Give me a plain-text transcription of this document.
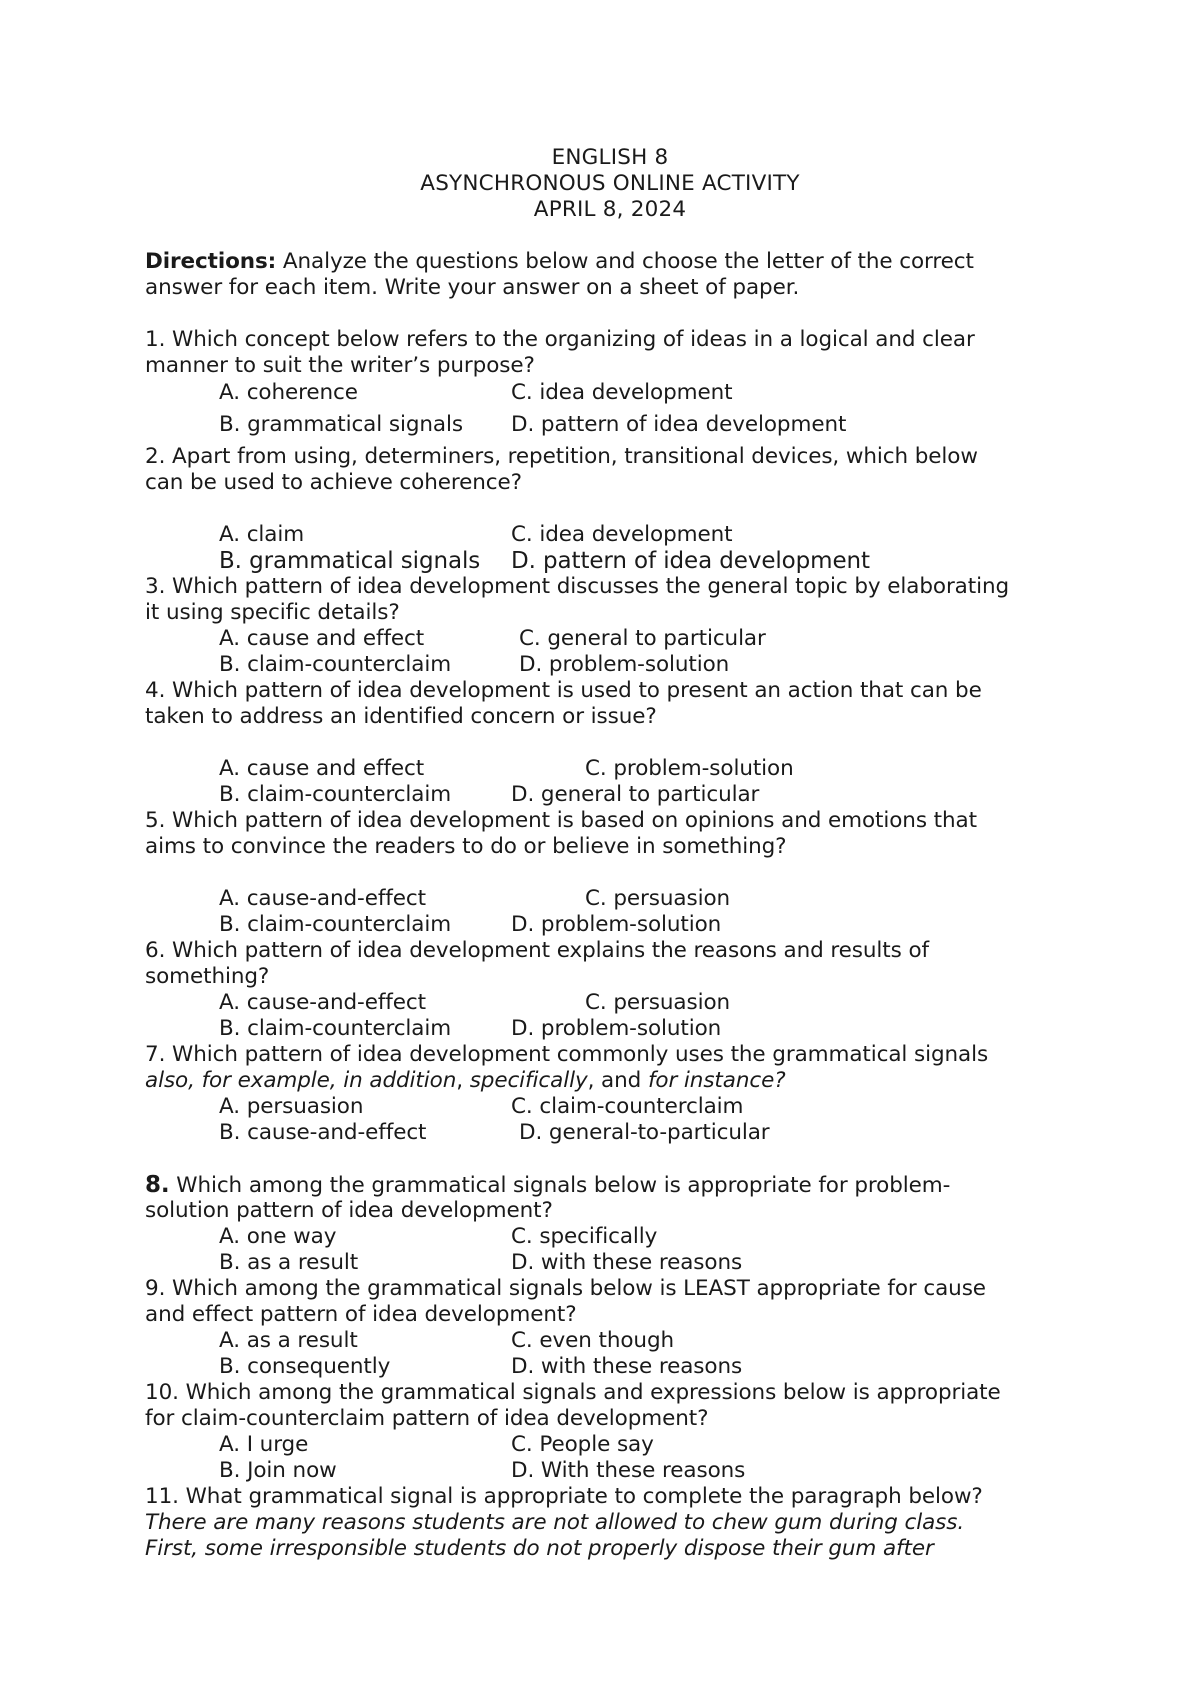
ENGLISH 8
ASYNCHRONOUS ONLINE ACTIVITY
APRIL 8, 2024
Directions: Analyze the questions below and choose the letter of the correct
answer for each item. Write your answer on a sheet of paper.
1. Which concept below refers to the organizing of ideas in a logical and clear
manner to suit the writer’s purpose?
A. coherence	C. idea development
B. grammatical signals D. pattern of idea development
2. Apart from using, determiners, repetition, transitional devices, which below
can be used to achieve coherence?
A. claim	C. idea development
B. grammatical signals D. pattern of idea development
3. Which pattern of idea development discusses the general topic by elaborating
it using specific details?
A. cause and effect	C. general to particular
B. claim-counterclaim	D. problem-solution
4. Which pattern of idea development is used to present an action that can be
taken to address an identified concern or issue?
A. cause and effect	C. problem-solution
B. claim-counterclaim	D. general to particular
5. Which pattern of idea development is based on opinions and emotions that
aims to convince the readers to do or believe in something?
A. cause-and-effect	C. persuasion
B. claim-counterclaim	D. problem-solution
6. Which pattern of idea development explains the reasons and results of
something?
A. cause-and-effect	C. persuasion
B. claim-counterclaim	D. problem-solution
7. Which pattern of idea development commonly uses the grammatical signals
also, for example, in addition, specifically, and for instance?
A. persuasion	C. claim-counterclaim
B. cause-and-effect	D. general-to-particular
8. Which among the grammatical signals below is appropriate for problem-
solution pattern of idea development?
A. one way	C. specifically
B. as a result	D. with these reasons
9. Which among the grammatical signals below is LEAST appropriate for cause
and effect pattern of idea development?
A. as a result	C. even though
B. consequently	D. with these reasons
10. Which among the grammatical signals and expressions below is appropriate
for claim-counterclaim pattern of idea development?
A. I urge	C. People say
B. Join now	D. With these reasons
11. What grammatical signal is appropriate to complete the paragraph below?
There are many reasons students are not allowed to chew gum during class.
First, some irresponsible students do not properly dispose their gum after
